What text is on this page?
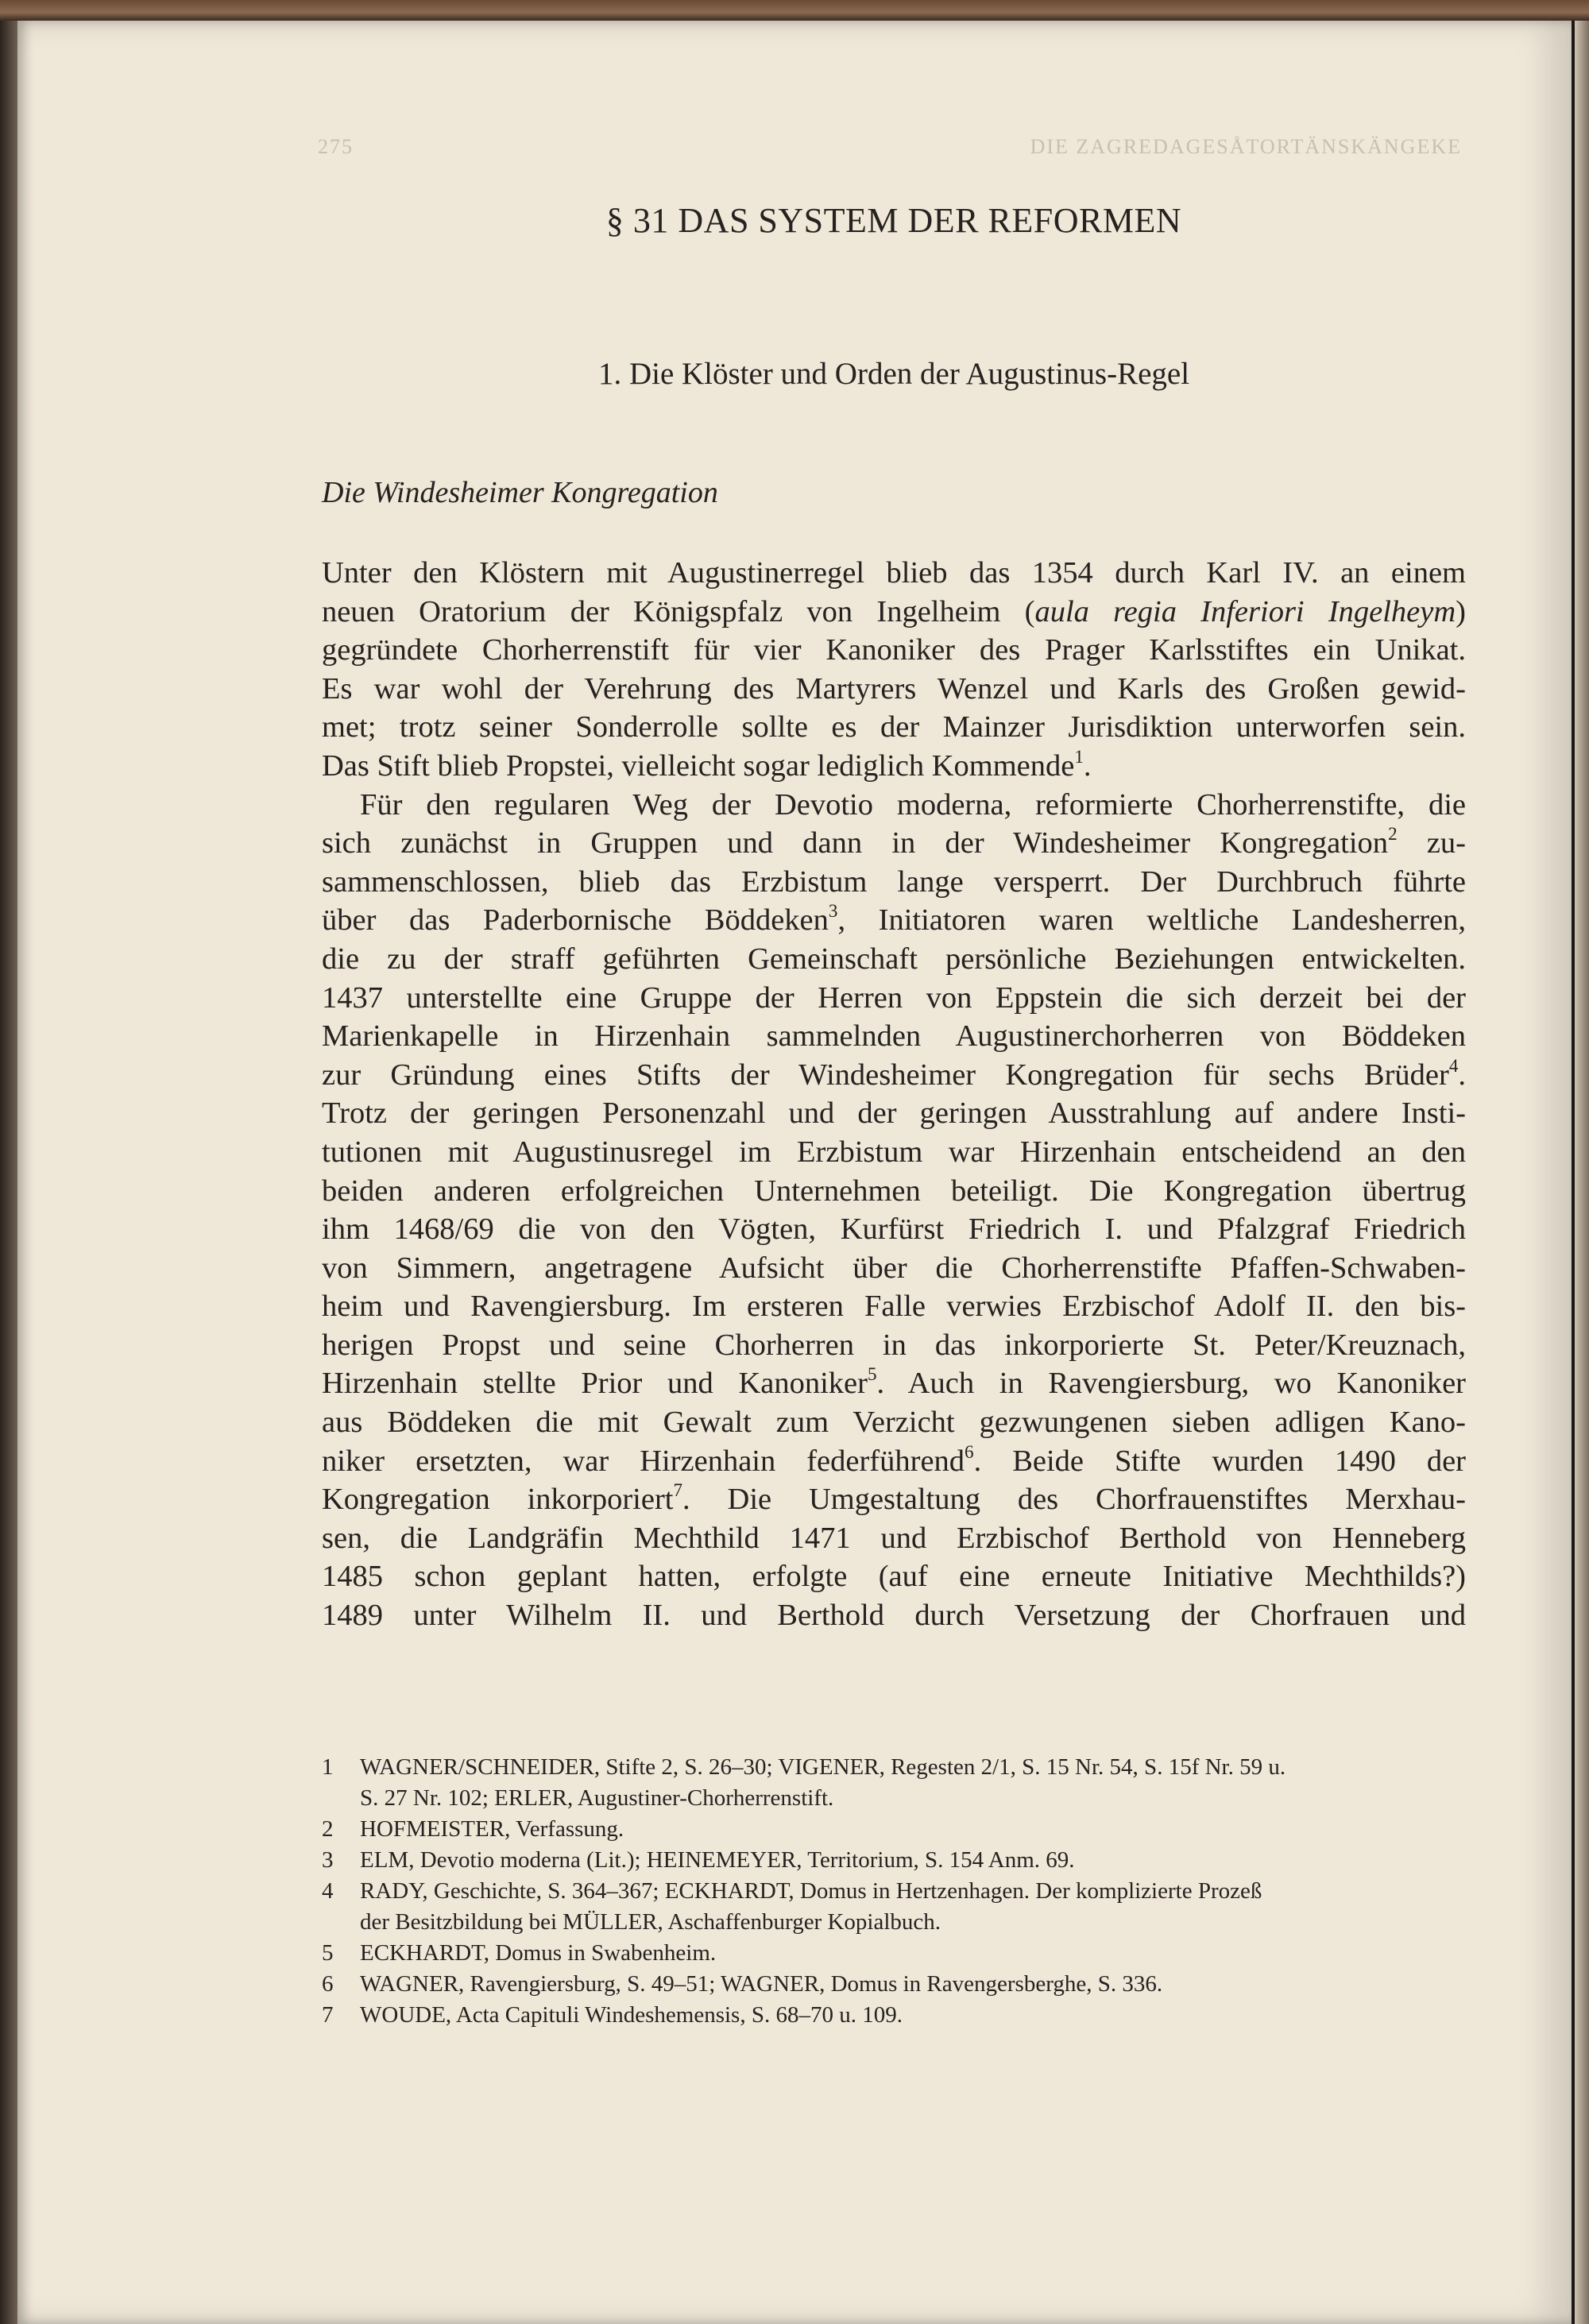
275	DIE ZAGREDAGESÅTORTÄNSKÄNGEKE
§ 31 DAS SYSTEM DER REFORMEN
1. Die Klöster und Orden der Augustinus-Regel
Die Windesheimer Kongregation
Unter den Klöstern mit Augustinerregel blieb das 1354 durch Karl IV. an einem
neuen Oratorium der Königspfalz von Ingelheim (aula regia Inferiori Ingelheym)
gegründete Chorherrenstift für vier Kanoniker des Prager Karlsstiftes ein Unikat.
Es war wohl der Verehrung des Martyrers Wenzel und Karls des Großen gewid-
met; trotz seiner Sonderrolle sollte es der Mainzer Jurisdiktion unterworfen sein.
Das Stift blieb Propstei, vielleicht sogar lediglich Kommende$^1$.
Für den regularen Weg der Devotio moderna, reformierte Chorherrenstifte, die
sich zunächst in Gruppen und dann in der Windesheimer Kongregation$^2$ zu-
sammenschlossen, blieb das Erzbistum lange versperrt. Der Durchbruch führte
über das Paderbornische Böddeken$^3$, Initiatoren waren weltliche Landesherren,
die zu der straff geführten Gemeinschaft persönliche Beziehungen entwickelten.
1437 unterstellte eine Gruppe der Herren von Eppstein die sich derzeit bei der
Marienkapelle in Hirzenhain sammelnden Augustinerchorherren von Böddeken
zur Gründung eines Stifts der Windesheimer Kongregation für sechs Brüder$^4$.
Trotz der geringen Personenzahl und der geringen Ausstrahlung auf andere Insti-
tutionen mit Augustinusregel im Erzbistum war Hirzenhain entscheidend an den
beiden anderen erfolgreichen Unternehmen beteiligt. Die Kongregation übertrug
ihm 1468/69 die von den Vögten, Kurfürst Friedrich I. und Pfalzgraf Friedrich
von Simmern, angetragene Aufsicht über die Chorherrenstifte Pfaffen-Schwaben-
heim und Ravengiersburg. Im ersteren Falle verwies Erzbischof Adolf II. den bis-
herigen Propst und seine Chorherren in das inkorporierte St. Peter/Kreuznach,
Hirzenhain stellte Prior und Kanoniker$^5$. Auch in Ravengiersburg, wo Kanoniker
aus Böddeken die mit Gewalt zum Verzicht gezwungenen sieben adligen Kano-
niker ersetzten, war Hirzenhain federführend$^6$. Beide Stifte wurden 1490 der
Kongregation inkorporiert$^7$. Die Umgestaltung des Chorfrauenstiftes Merxhau-
sen, die Landgräfin Mechthild 1471 und Erzbischof Berthold von Henneberg
1485 schon geplant hatten, erfolgte (auf eine erneute Initiative Mechthilds?)
1489 unter Wilhelm II. und Berthold durch Versetzung der Chorfrauen und
1 WAGNER/SCHNEIDER, Stifte 2, S. 26–30; VIGENER, Regesten 2/1, S. 15 Nr. 54, S. 15f Nr. 59 u.
S. 27 Nr. 102; ERLER, Augustiner-Chorherrenstift.
2 HOFMEISTER, Verfassung.
3 ELM, Devotio moderna (Lit.); HEINEMEYER, Territorium, S. 154 Anm. 69.
4 RADY, Geschichte, S. 364–367; ECKHARDT, Domus in Hertzenhagen. Der komplizierte Prozeß
der Besitzbildung bei MÜLLER, Aschaffenburger Kopialbuch.
5 ECKHARDT, Domus in Swabenheim.
6 WAGNER, Ravengiersburg, S. 49–51; WAGNER, Domus in Ravengersberghe, S. 336.
7 WOUDE, Acta Capituli Windeshemensis, S. 68–70 u. 109.
